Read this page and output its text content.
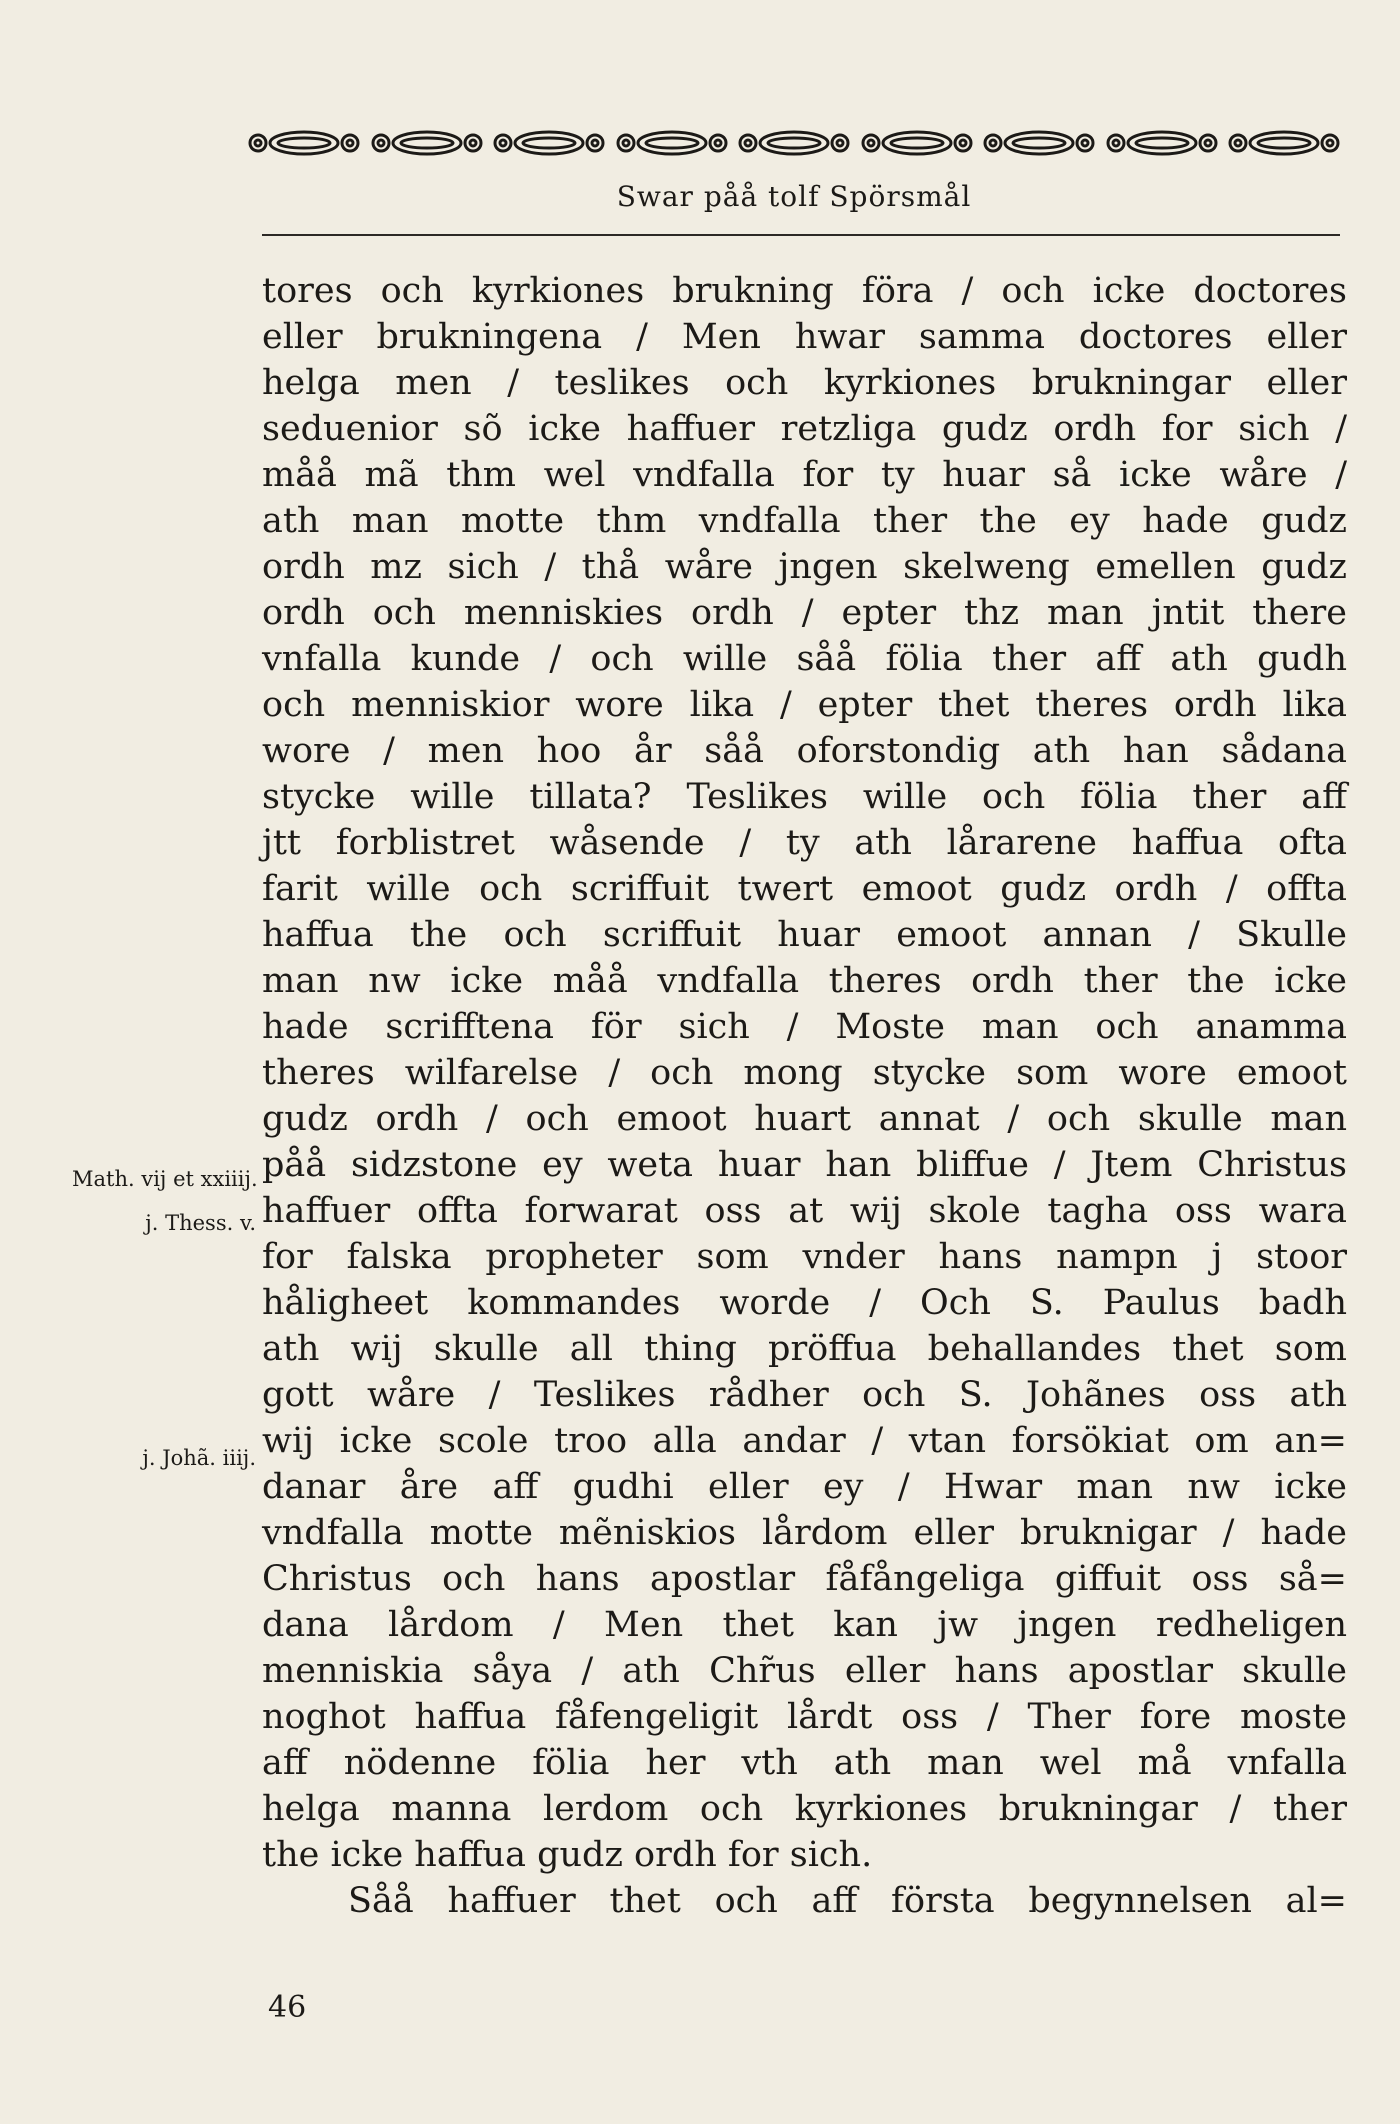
Swar påå tolf Spörsmål
Math. vij et xxiiij.
j. Thess. v.
j. Johã. iiij.
tores och kyrkiones brukning föra / och icke doctores
eller brukningena / Men hwar samma doctores eller
helga men / teslikes och kyrkiones brukningar eller
seduenior sõ icke haffuer retzliga gudz ordh for sich /
måå mã thm wel vndfalla for ty huar så icke wåre /
ath man motte thm vndfalla ther the ey hade gudz
ordh mz sich / thå wåre jngen skelweng emellen gudz
ordh och menniskies ordh / epter thz man jntit there
vnfalla kunde / och wille såå fölia ther aff ath gudh
och menniskior wore lika / epter thet theres ordh lika
wore / men hoo år såå oforstondig ath han sådana
stycke wille tillata? Teslikes wille och fölia ther aff
jtt forblistret wåsende / ty ath lårarene haffua ofta
farit wille och scriffuit twert emoot gudz ordh / offta
haffua the och scriffuit huar emoot annan / Skulle
man nw icke måå vndfalla theres ordh ther the icke
hade scrifftena för sich / Moste man och anamma
theres wilfarelse / och mong stycke som wore emoot
gudz ordh / och emoot huart annat / och skulle man
påå sidzstone ey weta huar han bliffue / Jtem Christus
haffuer offta forwarat oss at wij skole tagha oss wara
for falska propheter som vnder hans nampn j stoor
håligheet kommandes worde / Och S. Paulus badh
ath wij skulle all thing pröffua behallandes thet som
gott wåre / Teslikes rådher och S. Johãnes oss ath
wij icke scole troo alla andar / vtan forsökiat om an=
danar åre aff gudhi eller ey / Hwar man nw icke
vndfalla motte mẽniskios lårdom eller bruknigar / hade
Christus och hans apostlar fåfångeliga giffuit oss så=
dana lårdom / Men thet kan jw jngen redheligen
menniskia såya / ath Chr̃us eller hans apostlar skulle
noghot haffua fåfengeligit lårdt oss / Ther fore moste
aff nödenne fölia her vth ath man wel må vnfalla
helga manna lerdom och kyrkiones brukningar / ther
the icke haffua gudz ordh for sich.
Såå haffuer thet och aff första begynnelsen al=
46
